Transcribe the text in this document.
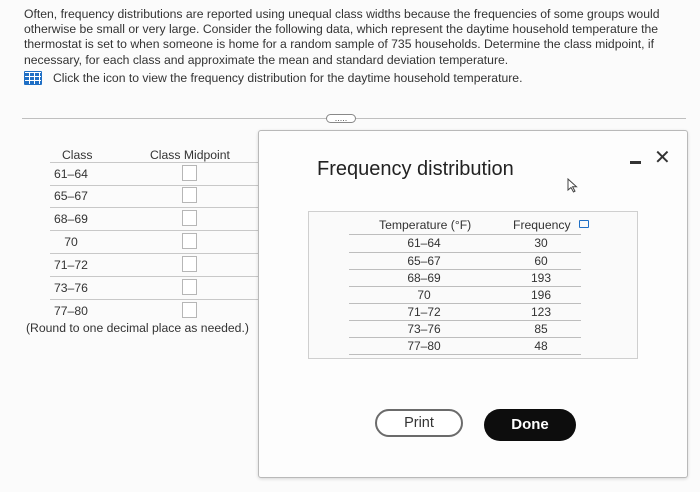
Often, frequency distributions are reported using unequal class widths because the frequencies of some groups would otherwise be small or very large. Consider the following data, which represent the daytime household temperature the thermostat is set to when someone is home for a random sample of 735 households. Determine the class midpoint, if necessary, for each class and approximate the mean and standard deviation temperature.

Click the icon to view the frequency distribution for the daytime household temperature.
.....
Class	Class Midpoint
61–64
65–67
68–69
70
71–72
73–76
77–80
(Round to one decimal place as needed.)
Frequency distribution	✕
Temperature (°F)	Frequency
61–64	30
65–67	60
68–69	193
70	196
71–72	123
73–76	85
77–80	48
Print	Done
